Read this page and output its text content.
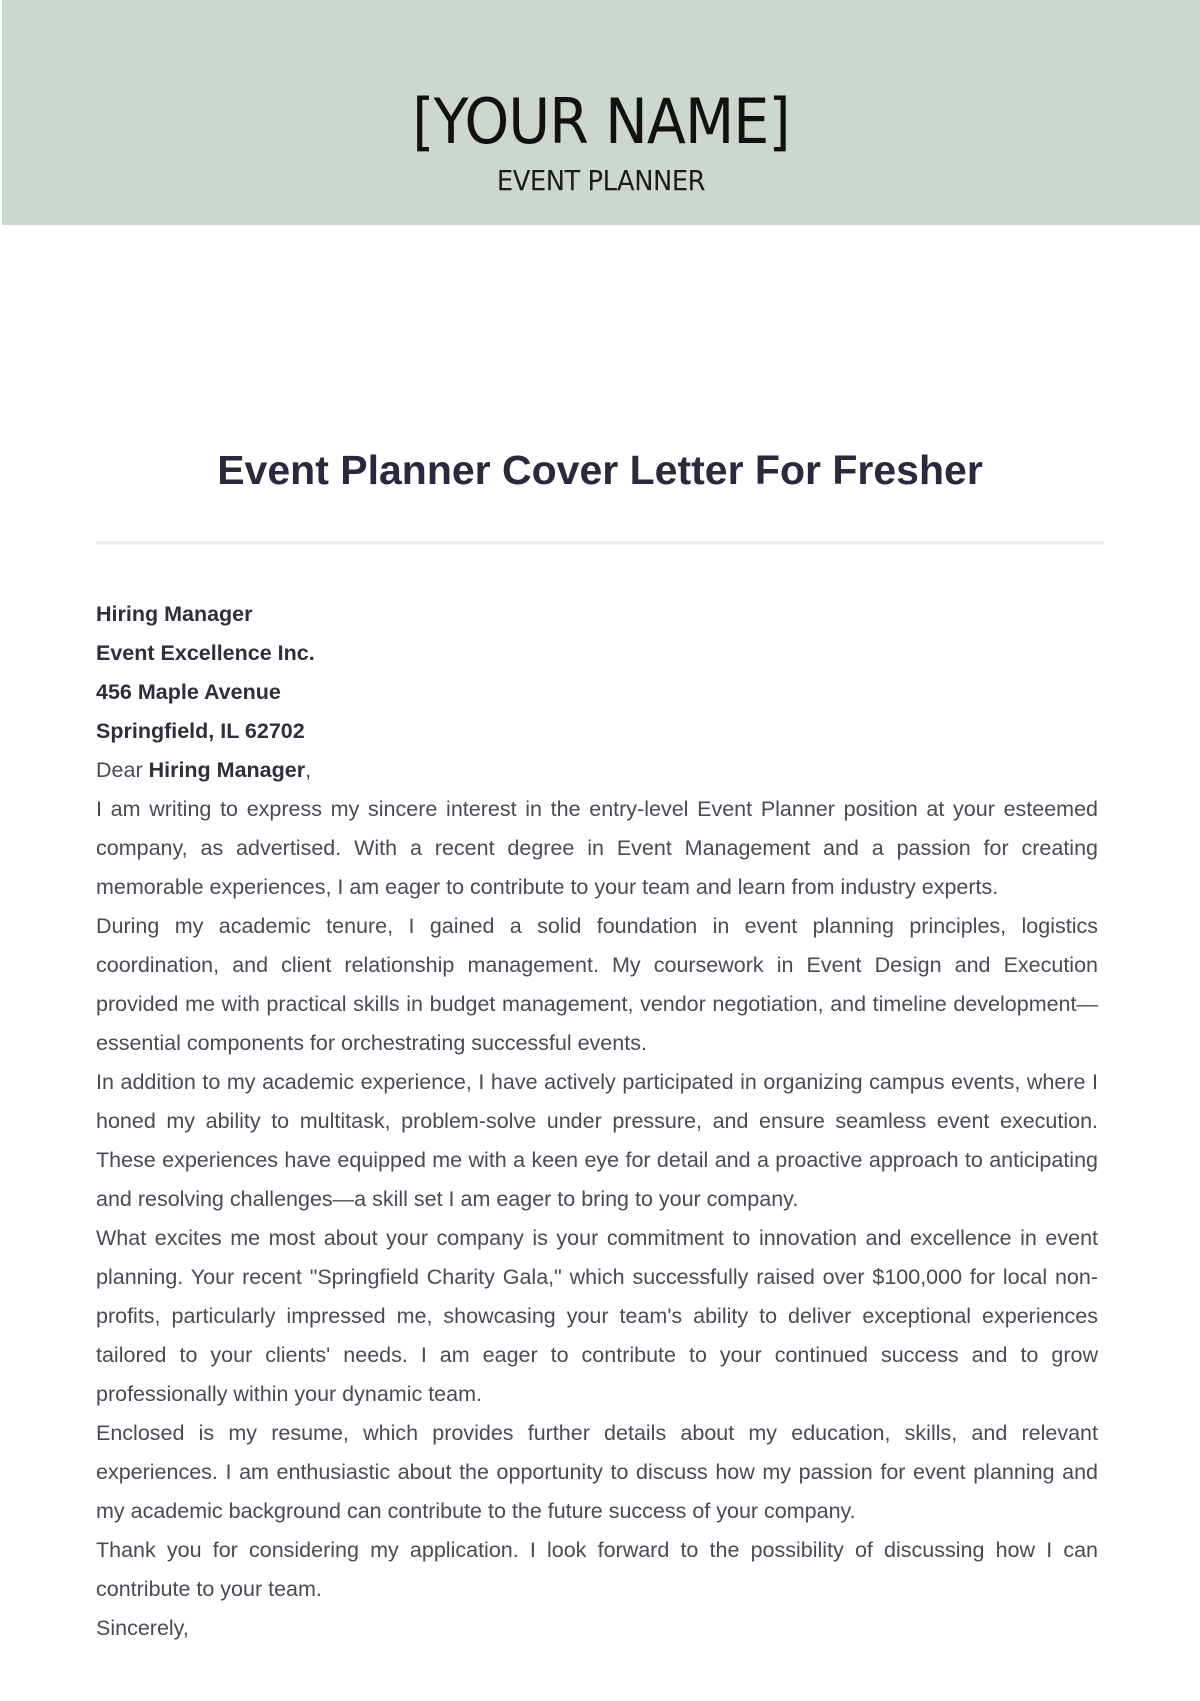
[YOUR NAME]
EVENT PLANNER
Event Planner Cover Letter For Fresher

Hiring Manager

Event Excellence Inc.

456 Maple Avenue

Springfield, IL 62702

Dear Hiring Manager,

I am writing to express my sincere interest in the entry-level Event Planner position at your esteemed company, as advertised. With a recent degree in Event Management and a passion for creating memorable experiences, I am eager to contribute to your team and learn from industry experts.

During my academic tenure, I gained a solid foundation in event planning principles, logistics coordination, and client relationship management. My coursework in Event Design and Execution provided me with practical skills in budget management, vendor negotiation, and timeline development—essential components for orchestrating successful events.

In addition to my academic experience, I have actively participated in organizing campus events, where I honed my ability to multitask, problem-solve under pressure, and ensure seamless event execution. These experiences have equipped me with a keen eye for detail and a proactive approach to anticipating and resolving challenges—a skill set I am eager to bring to your company.

What excites me most about your company is your commitment to innovation and excellence in event planning. Your recent "Springfield Charity Gala," which successfully raised over $100,000 for local non-profits, particularly impressed me, showcasing your team's ability to deliver exceptional experiences tailored to your clients' needs. I am eager to contribute to your continued success and to grow professionally within your dynamic team.

Enclosed is my resume, which provides further details about my education, skills, and relevant experiences. I am enthusiastic about the opportunity to discuss how my passion for event planning and my academic background can contribute to the future success of your company.

Thank you for considering my application. I look forward to the possibility of discussing how I can contribute to your team.

Sincerely,
